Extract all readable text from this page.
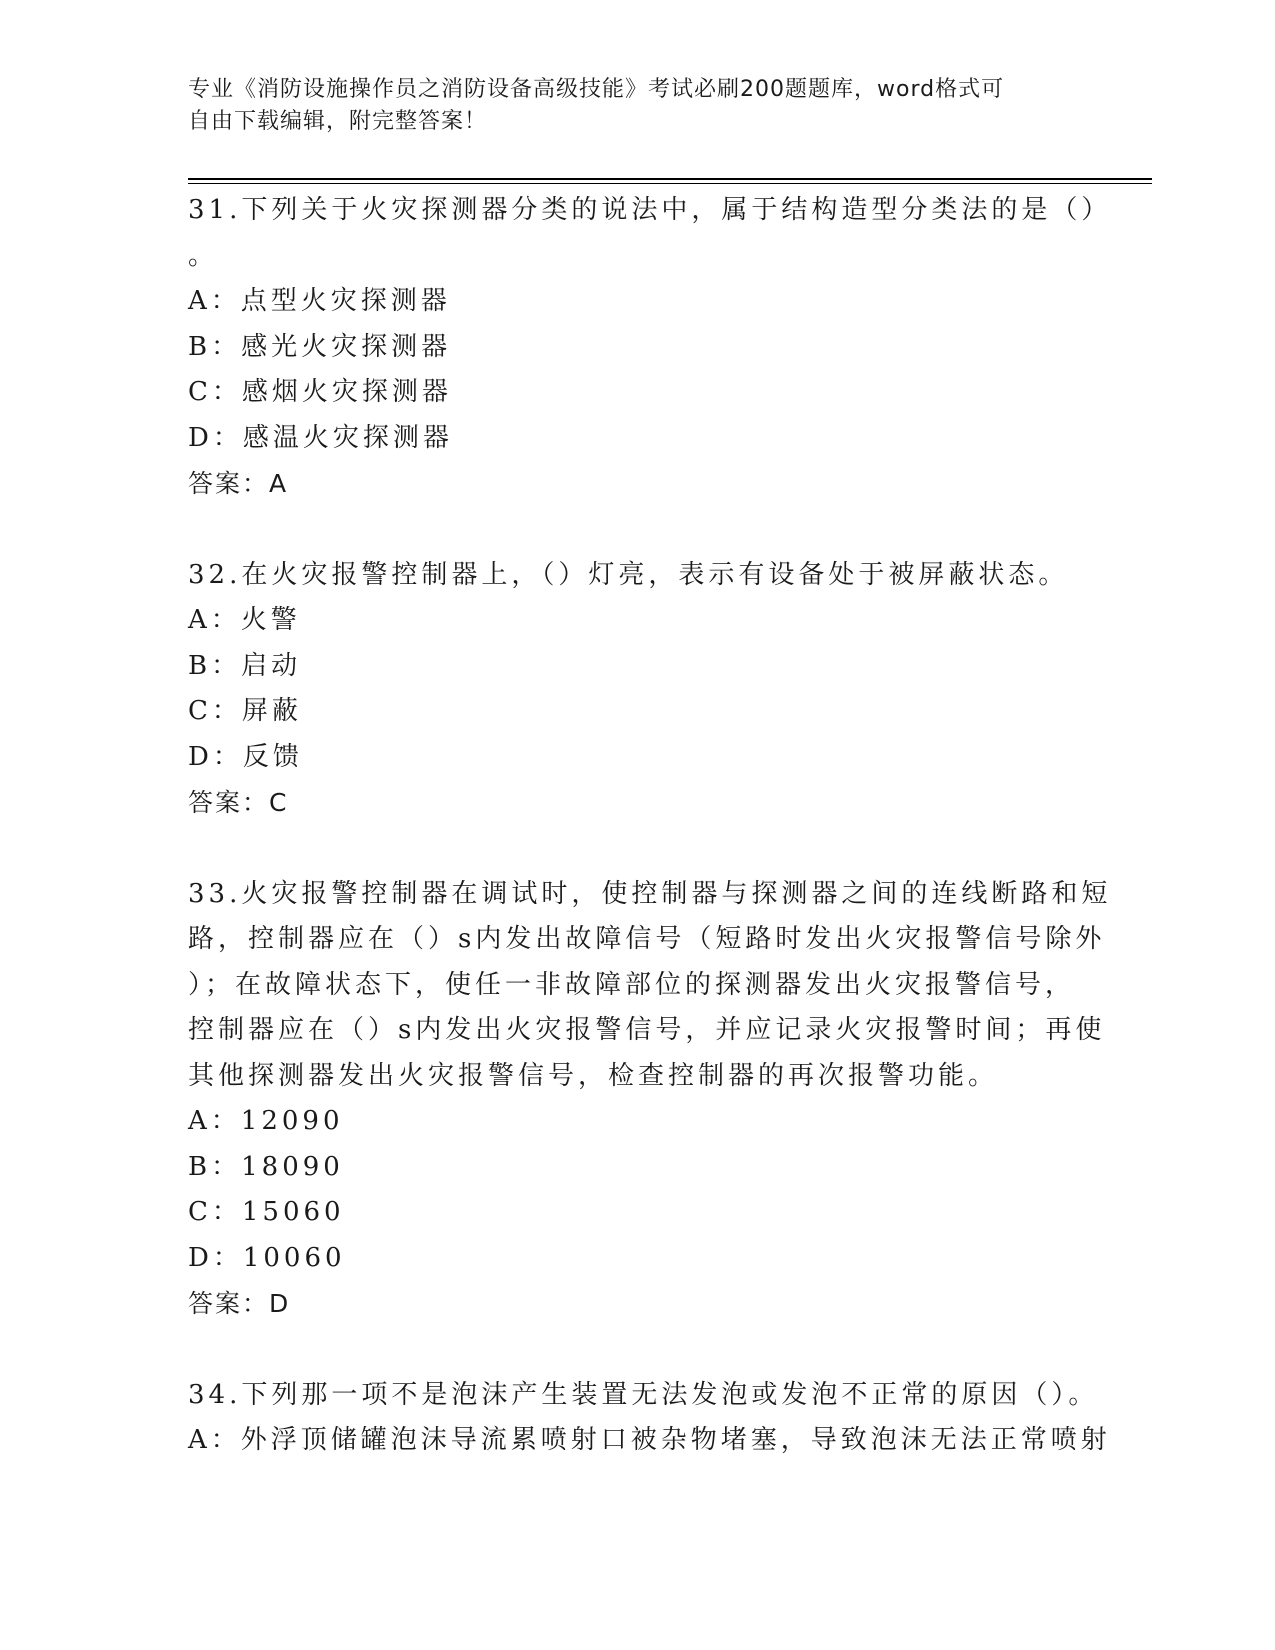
专业《消防设施操作员之消防设备高级技能》考试必刷200题题库，word格式可
自由下载编辑，附完整答案！
31.下列关于火灾探测器分类的说法中，属于结构造型分类法的是（）
。
A：点型火灾探测器
B：感光火灾探测器
C：感烟火灾探测器
D：感温火灾探测器
答案：A
32.在火灾报警控制器上，（）灯亮，表示有设备处于被屏蔽状态。
A：火警
B：启动
C：屏蔽
D：反馈
答案：C
33.火灾报警控制器在调试时，使控制器与探测器之间的连线断路和短
路，控制器应在（）s内发出故障信号（短路时发出火灾报警信号除外
）；在故障状态下，使任一非故障部位的探测器发出火灾报警信号，
控制器应在（）s内发出火灾报警信号，并应记录火灾报警时间；再使
其他探测器发出火灾报警信号，检查控制器的再次报警功能。
A：12090
B：18090
C：15060
D：10060
答案：D
34.下列那一项不是泡沫产生装置无法发泡或发泡不正常的原因（）。
A：外浮顶储罐泡沫导流累喷射口被杂物堵塞，导致泡沫无法正常喷射
